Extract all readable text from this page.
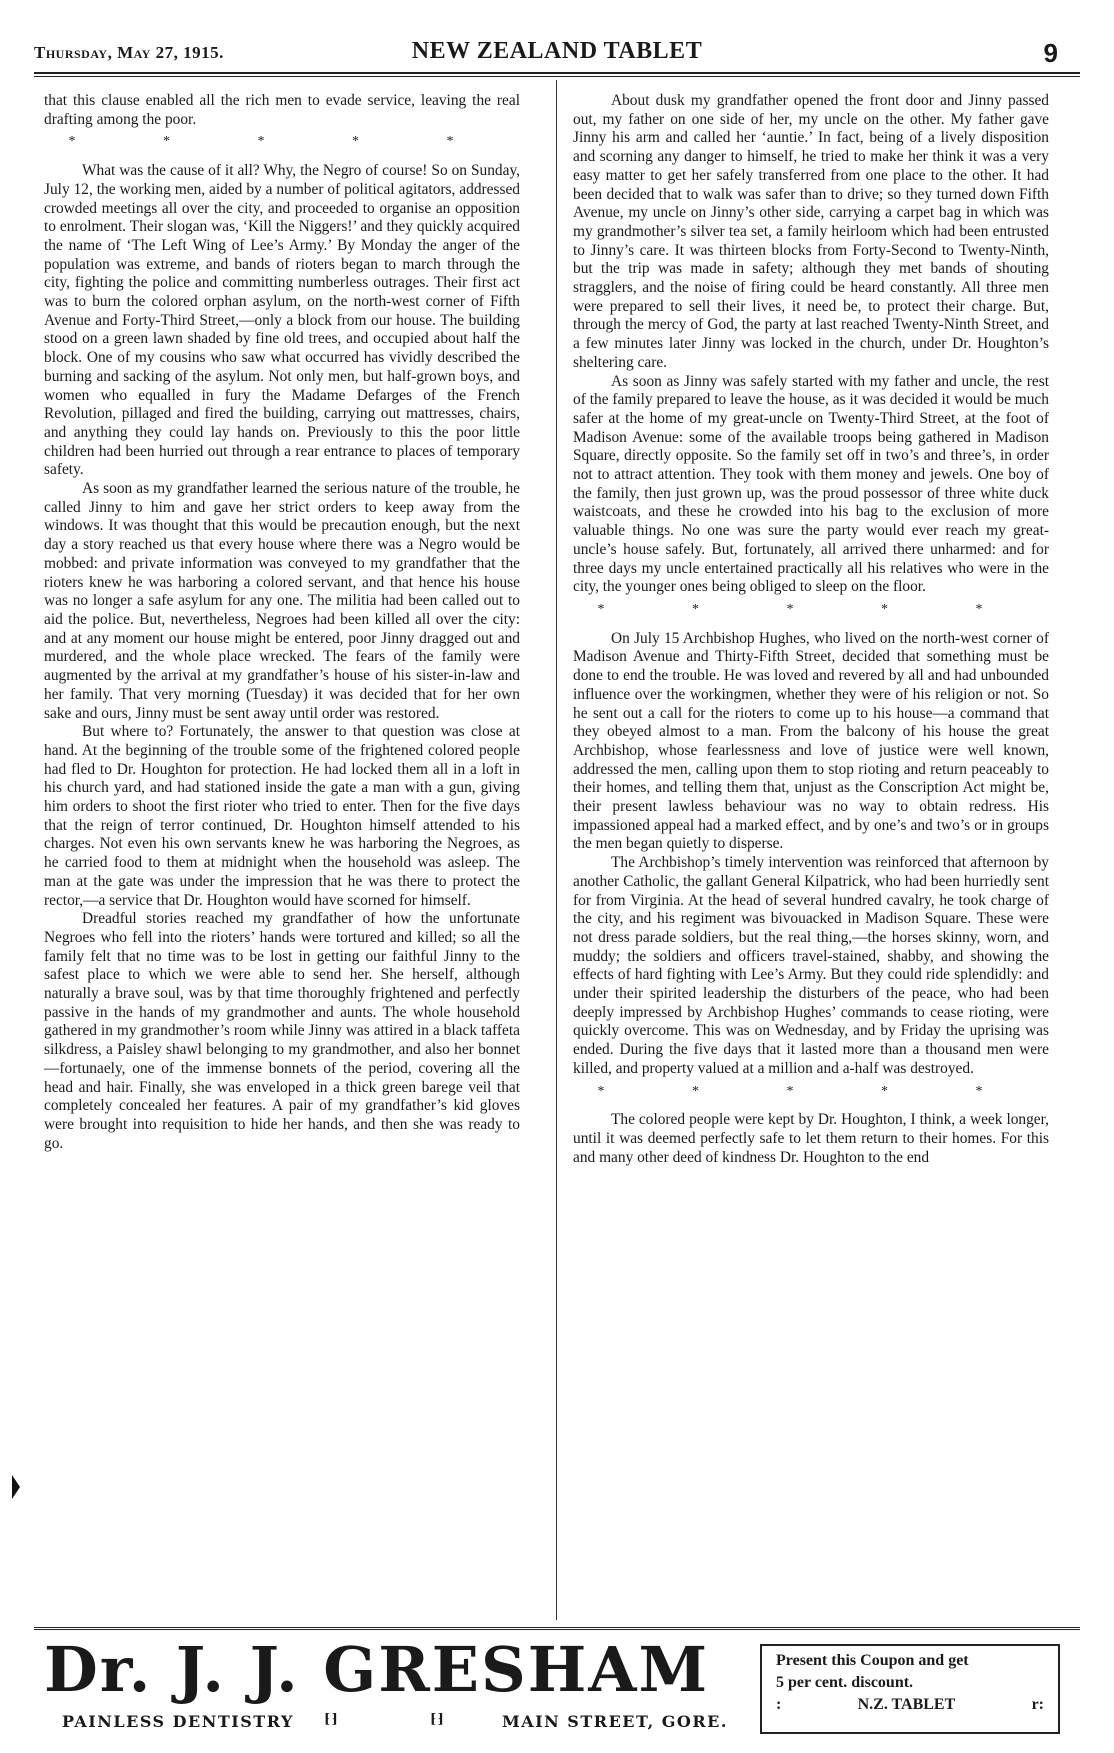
Thursday, May 27, 1915.	NEW ZEALAND TABLET	9

that this clause enabled all the rich men to evade service, leaving the real drafting among the poor.

* * * * *

What was the cause of it all? Why, the Negro of course! So on Sunday, July 12, the working men, aided by a number of political agitators, addressed crowded meetings all over the city, and proceeded to organise an opposition to enrolment. Their slogan was, ‘Kill the Niggers!’ and they quickly acquired the name of ‘The Left Wing of Lee’s Army.’ By Monday the anger of the population was extreme, and bands of rioters began to march through the city, fighting the police and committing numberless outrages. Their first act was to burn the colored orphan asylum, on the north-west corner of Fifth Avenue and Forty-Third Street,—only a block from our house. The building stood on a green lawn shaded by fine old trees, and occupied about half the block. One of my cousins who saw what occurred has vividly described the burning and sacking of the asylum. Not only men, but half-grown boys, and women who equalled in fury the Madame Defarges of the French Revolution, pillaged and fired the building, carrying out mattresses, chairs, and anything they could lay hands on. Previously to this the poor little children had been hurried out through a rear entrance to places of temporary safety.

As soon as my grandfather learned the serious nature of the trouble, he called Jinny to him and gave her strict orders to keep away from the windows. It was thought that this would be precaution enough, but the next day a story reached us that every house where there was a Negro would be mobbed: and private information was conveyed to my grandfather that the rioters knew he was harboring a colored servant, and that hence his house was no longer a safe asylum for any one. The militia had been called out to aid the police. But, nevertheless, Negroes had been killed all over the city: and at any moment our house might be entered, poor Jinny dragged out and murdered, and the whole place wrecked. The fears of the family were augmented by the arrival at my grandfather’s house of his sister-in-law and her family. That very morning (Tuesday) it was decided that for her own sake and ours, Jinny must be sent away until order was restored.

But where to? Fortunately, the answer to that question was close at hand. At the beginning of the trouble some of the frightened colored people had fled to Dr. Houghton for protection. He had locked them all in a loft in his church yard, and had stationed inside the gate a man with a gun, giving him orders to shoot the first rioter who tried to enter. Then for the five days that the reign of terror continued, Dr. Houghton himself attended to his charges. Not even his own servants knew he was harboring the Negroes, as he carried food to them at midnight when the household was asleep. The man at the gate was under the impression that he was there to protect the rector,—a service that Dr. Houghton would have scorned for himself.

Dreadful stories reached my grandfather of how the unfortunate Negroes who fell into the rioters’ hands were tortured and killed; so all the family felt that no time was to be lost in getting our faithful Jinny to the safest place to which we were able to send her. She herself, although naturally a brave soul, was by that time thoroughly frightened and perfectly passive in the hands of my grandmother and aunts. The whole household gathered in my grandmother’s room while Jinny was attired in a black taffeta silkdress, a Paisley shawl belonging to my grandmother, and also her bonnet—fortunaely, one of the immense bonnets of the period, covering all the head and hair. Finally, she was enveloped in a thick green barege veil that completely concealed her features. A pair of my grandfather’s kid gloves were brought into requisition to hide her hands, and then she was ready to go.

About dusk my grandfather opened the front door and Jinny passed out, my father on one side of her, my uncle on the other. My father gave Jinny his arm and called her ‘auntie.’ In fact, being of a lively disposition and scorning any danger to himself, he tried to make her think it was a very easy matter to get her safely transferred from one place to the other. It had been decided that to walk was safer than to drive; so they turned down Fifth Avenue, my uncle on Jinny’s other side, carrying a carpet bag in which was my grandmother’s silver tea set, a family heirloom which had been entrusted to Jinny’s care. It was thirteen blocks from Forty-Second to Twenty-Ninth, but the trip was made in safety; although they met bands of shouting stragglers, and the noise of firing could be heard constantly. All three men were prepared to sell their lives, it need be, to protect their charge. But, through the mercy of God, the party at last reached Twenty-Ninth Street, and a few minutes later Jinny was locked in the church, under Dr. Houghton’s sheltering care.

As soon as Jinny was safely started with my father and uncle, the rest of the family prepared to leave the house, as it was decided it would be much safer at the home of my great-uncle on Twenty-Third Street, at the foot of Madison Avenue: some of the available troops being gathered in Madison Square, directly opposite. So the family set off in two’s and three’s, in order not to attract attention. They took with them money and jewels. One boy of the family, then just grown up, was the proud possessor of three white duck waistcoats, and these he crowded into his bag to the exclusion of more valuable things. No one was sure the party would ever reach my great-uncle’s house safely. But, fortunately, all arrived there unharmed: and for three days my uncle entertained practically all his relatives who were in the city, the younger ones being obliged to sleep on the floor.

* * * * *

On July 15 Archbishop Hughes, who lived on the north-west corner of Madison Avenue and Thirty-Fifth Street, decided that something must be done to end the trouble. He was loved and revered by all and had unbounded influence over the workingmen, whether they were of his religion or not. So he sent out a call for the rioters to come up to his house—a command that they obeyed almost to a man. From the balcony of his house the great Archbishop, whose fearlessness and love of justice were well known, addressed the men, calling upon them to stop rioting and return peaceably to their homes, and telling them that, unjust as the Conscription Act might be, their present lawless behaviour was no way to obtain redress. His impassioned appeal had a marked effect, and by one’s and two’s or in groups the men began quietly to disperse.

The Archbishop’s timely intervention was reinforced that afternoon by another Catholic, the gallant General Kilpatrick, who had been hurriedly sent for from Virginia. At the head of several hundred cavalry, he took charge of the city, and his regiment was bivouacked in Madison Square. These were not dress parade soldiers, but the real thing,—the horses skinny, worn, and muddy; the soldiers and officers travel-stained, shabby, and showing the effects of hard fighting with Lee’s Army. But they could ride splendidly: and under their spirited leadership the disturbers of the peace, who had been deeply impressed by Archbishop Hughes’ commands to cease rioting, were quickly overcome. This was on Wednesday, and by Friday the uprising was ended. During the five days that it lasted more than a thousand men were killed, and property valued at a million and a-half was destroyed.

* * * * *

The colored people were kept by Dr. Houghton, I think, a week longer, until it was deemed perfectly safe to let them return to their homes. For this and many other deed of kindness Dr. Houghton to the end

Dr. J. J. GRESHAM
PAINLESS DENTISTRY ⁅⁆	⁅⁆	MAIN STREET, GORE.
Present this Coupon and get
5 per cent. discount.
:	N.Z. TABLET	r:
